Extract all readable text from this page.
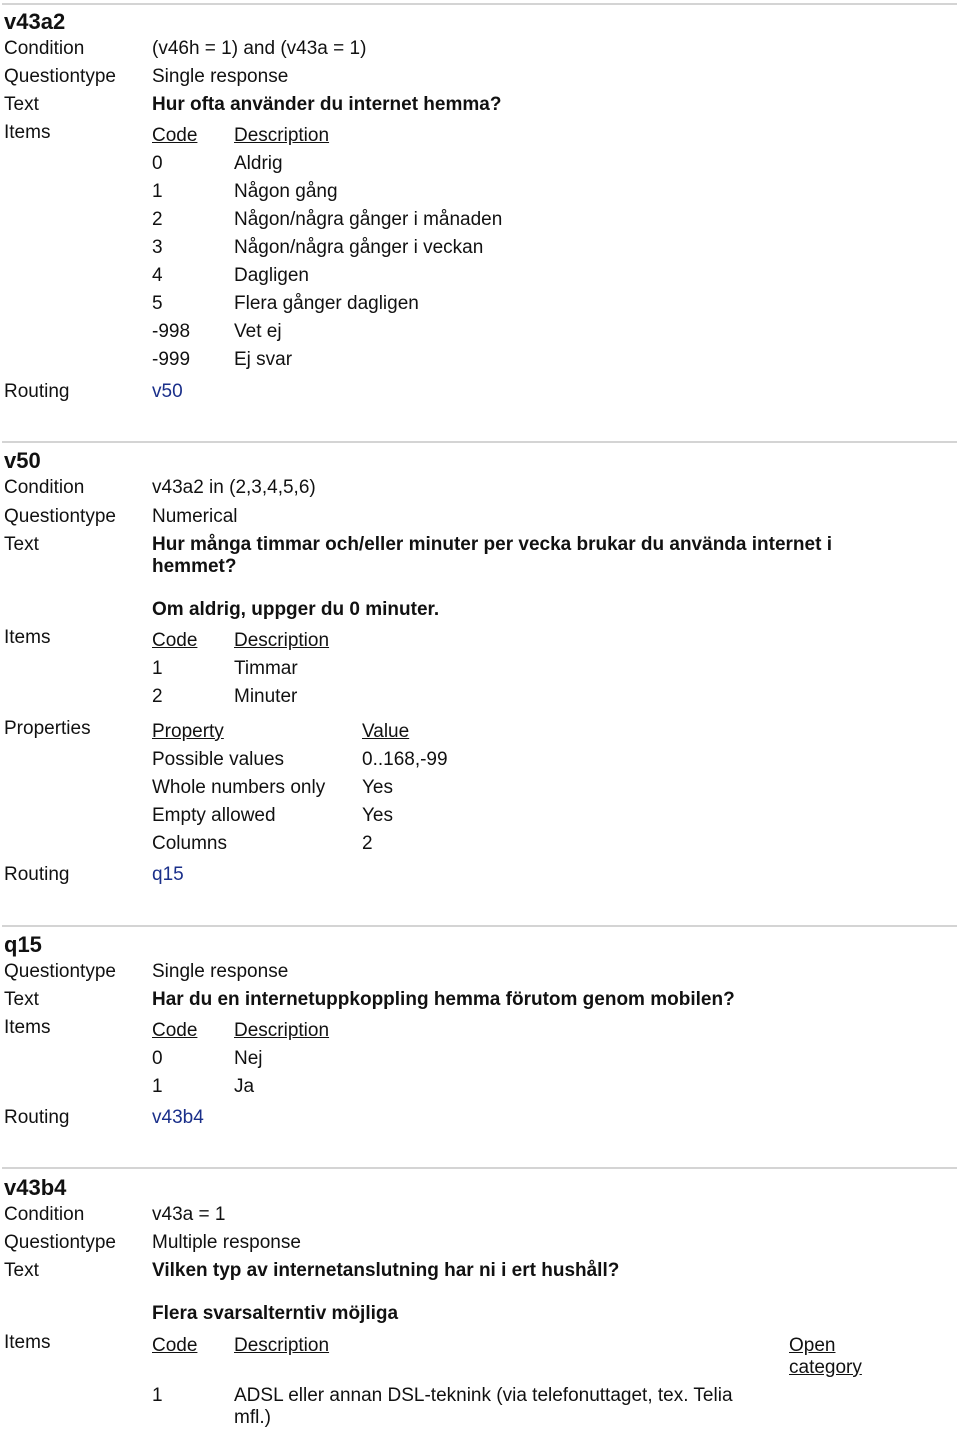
v43a2
Condition	(v46h = 1) and (v43a = 1)
Questiontype Single response
Text	Hur ofta använder du internet hemma?
Items	Code Description
0	Aldrig
1	Någon gång
2	Någon/några gånger i månaden
3	Någon/några gånger i veckan
4	Dagligen
5	Flera gånger dagligen
-998 Vet ej
-999 Ej svar
Routing	v50
v50
Condition	v43a2 in (2,3,4,5,6)
Questiontype Numerical
Text	Hur många timmar och/eller minuter per vecka brukar du använda internet i hemmet?
Om aldrig, uppger du 0 minuter.
Items	Code Description
1	Timmar
2	Minuter
Properties	Property	Value
Possible values	0..168,-99
Whole numbers only Yes
Empty allowed	Yes
Columns	2
Routing	q15
q15
Questiontype Single response
Text	Har du en internetuppkoppling hemma förutom genom mobilen?
Items	Code Description
0	Nej
1	Ja
Routing	v43b4
v43b4
Condition	v43a = 1
Questiontype Multiple response
Text	Vilken typ av internetanslutning har ni i ert hushåll?
Flera svarsalterntiv möjliga
Items	Code Description	Open category
1	ADSL eller annan DSL-teknink (via telefonuttaget, tex. Telia mfl.)
